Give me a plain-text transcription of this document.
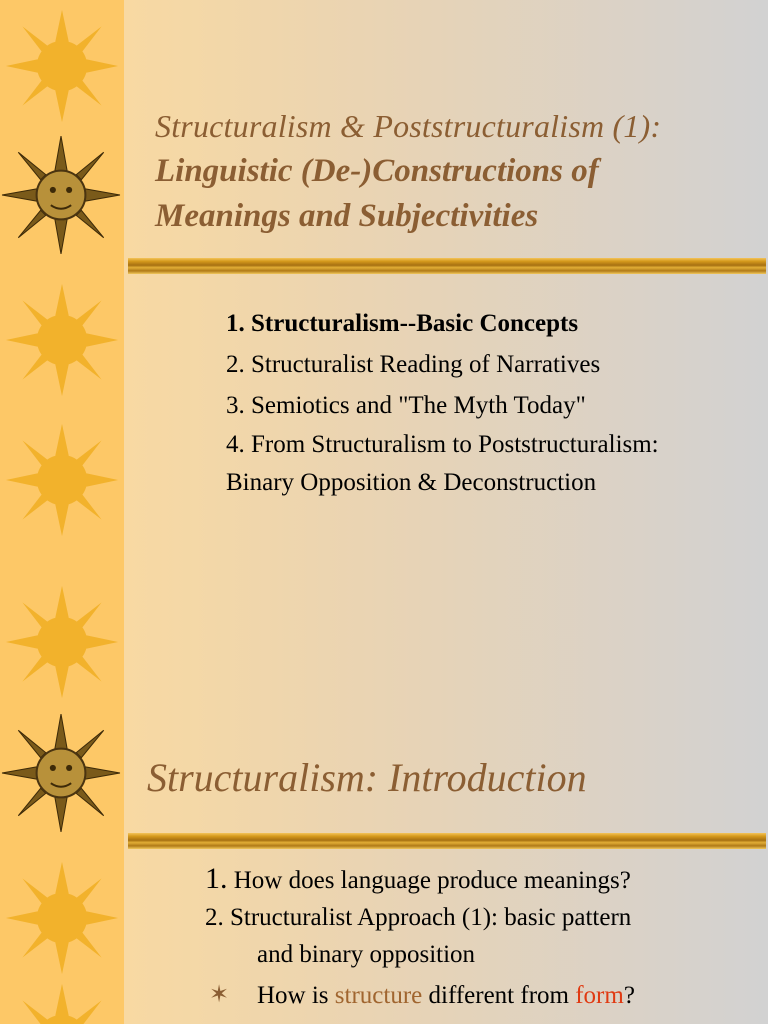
Structuralism & Poststructuralism (1):
Linguistic (De-)Constructions of
Meanings and Subjectivities
1. Structuralism--Basic Concepts
2. Structuralist Reading of Narratives
3. Semiotics and "The Myth Today"
4. From Structuralism to Poststructuralism:
Binary Opposition & Deconstruction
Structuralism: Introduction
1. How does language produce meanings?
2. Structuralist Approach (1): basic pattern
and binary opposition
✶ How is structure different from form?
